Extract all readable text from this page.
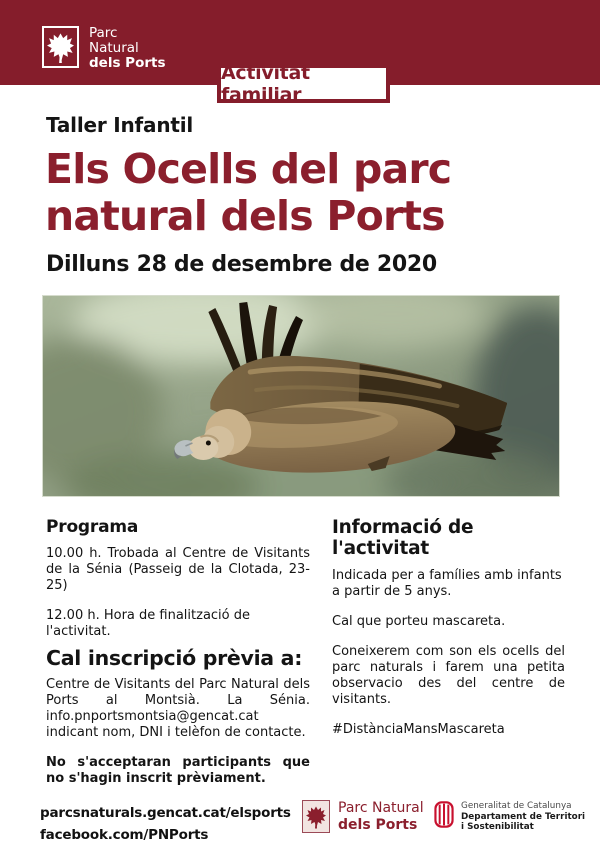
Parc
Natural
dels Ports	Activitat familiar
Taller Infantil
Els Ocells del parc
natural dels Ports
Dilluns 28 de desembre de 2020
Programa

10.00 h. Trobada al Centre de Visitants de la Sénia (Passeig de la Clotada, 23-25)

12.00 h. Hora de finalització de l'activitat.

Cal inscripció prèvia a:

Centre de Visitants del Parc Natural dels Ports al Montsià. La Sénia. info.pnportsmontsia@gencat.cat indicant nom, DNI i telèfon de contacte.

No s'acceptaran participants que no s'hagin inscrit prèviament.

Informació de l'activitat

Indicada per a famílies amb infants a partir de 5 anys.

Cal que porteu mascareta.

Coneixerem com son els ocells del parc naturals i farem una petita observacio des del centre de visitants.

#DistànciaMansMascareta

parcsnaturals.gencat.cat/elsports
facebook.com/PNPorts
Parc Natural
dels Ports
Generalitat de Catalunya
Departament de Territori
i Sostenibilitat
